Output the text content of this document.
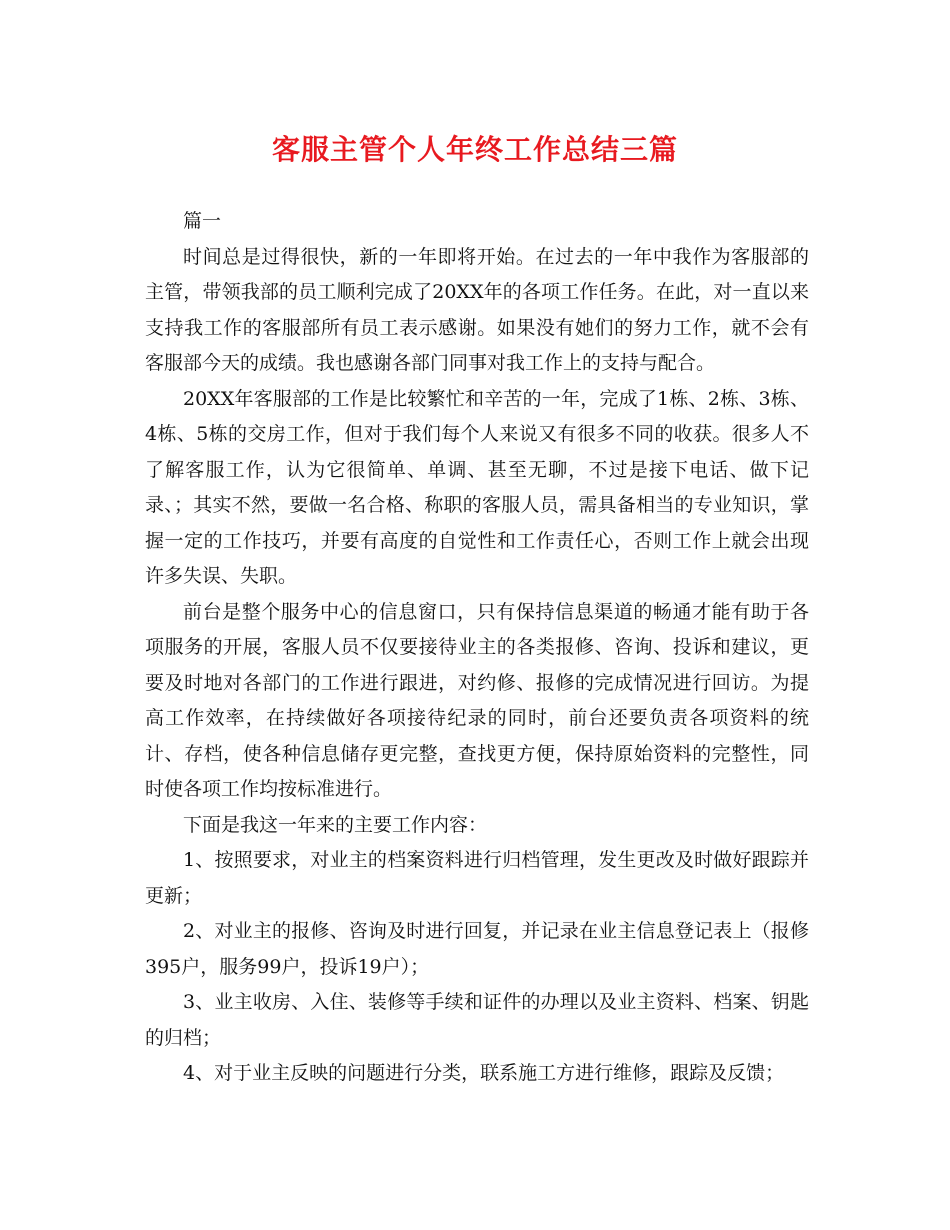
客服主管个人年终工作总结三篇

篇一

时间总是过得很快，新的一年即将开始。在过去的一年中我作为客服部的主管，带领我部的员工顺利完成了20XX年的各项工作任务。在此，对一直以来支持我工作的客服部所有员工表示感谢。如果没有她们的努力工作，就不会有客服部今天的成绩。我也感谢各部门同事对我工作上的支持与配合。

20XX年客服部的工作是比较繁忙和辛苦的一年，完成了1栋、2栋、3栋、4栋、5栋的交房工作，但对于我们每个人来说又有很多不同的收获。很多人不了解客服工作，认为它很简单、单调、甚至无聊，不过是接下电话、做下记录、；其实不然，要做一名合格、称职的客服人员，需具备相当的专业知识，掌握一定的工作技巧，并要有高度的自觉性和工作责任心，否则工作上就会出现许多失误、失职。

前台是整个服务中心的信息窗口，只有保持信息渠道的畅通才能有助于各项服务的开展，客服人员不仅要接待业主的各类报修、咨询、投诉和建议，更要及时地对各部门的工作进行跟进，对约修、报修的完成情况进行回访。为提高工作效率，在持续做好各项接待纪录的同时，前台还要负责各项资料的统计、存档，使各种信息储存更完整，查找更方便，保持原始资料的完整性，同时使各项工作均按标准进行。

下面是我这一年来的主要工作内容：

1、按照要求，对业主的档案资料进行归档管理，发生更改及时做好跟踪并更新；

2、对业主的报修、咨询及时进行回复，并记录在业主信息登记表上（报修395户，服务99户，投诉19户）；

3、业主收房、入住、装修等手续和证件的办理以及业主资料、档案、钥匙的归档；

4、对于业主反映的问题进行分类，联系施工方进行维修，跟踪及反馈；
